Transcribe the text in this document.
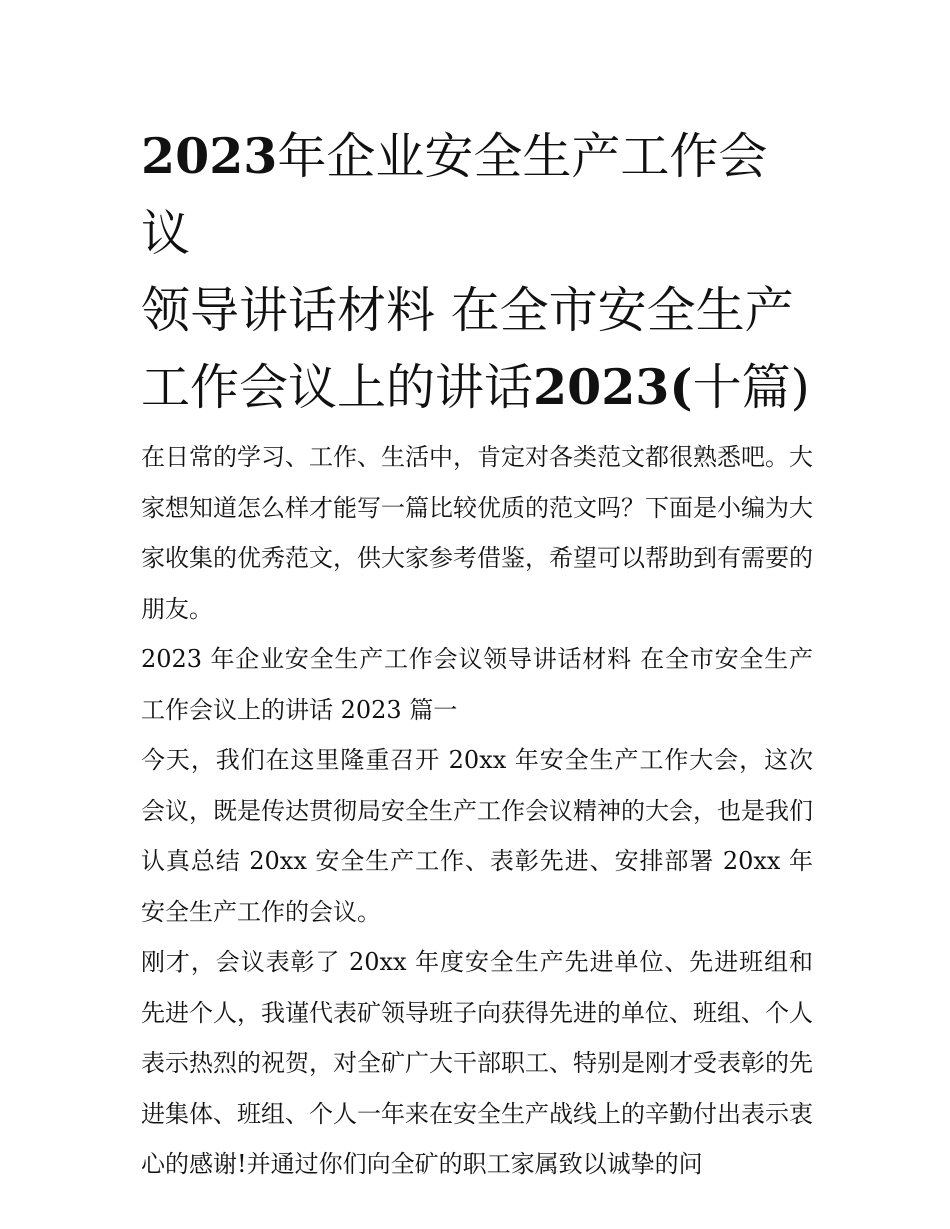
2023年企业安全生产工作会议
领导讲话材料 在全市安全生产
工作会议上的讲话2023(十篇)

在日常的学习、工作、生活中，肯定对各类范文都很熟悉吧。大家想知道怎么样才能写一篇比较优质的范文吗？下面是小编为大家收集的优秀范文，供大家参考借鉴，希望可以帮助到有需要的朋友。

2023 年企业安全生产工作会议领导讲话材料 在全市安全生产工作会议上的讲话 2023 篇一

今天，我们在这里隆重召开 20xx 年安全生产工作大会，这次会议，既是传达贯彻局安全生产工作会议精神的大会，也是我们认真总结 20xx 安全生产工作、表彰先进、安排部署 20xx 年安全生产工作的会议。

刚才，会议表彰了 20xx 年度安全生产先进单位、先进班组和先进个人，我谨代表矿领导班子向获得先进的单位、班组、个人表示热烈的祝贺，对全矿广大干部职工、特别是刚才受表彰的先进集体、班组、个人一年来在安全生产战线上的辛勤付出表示衷心的感谢!并通过你们向全矿的职工家属致以诚挚的问
